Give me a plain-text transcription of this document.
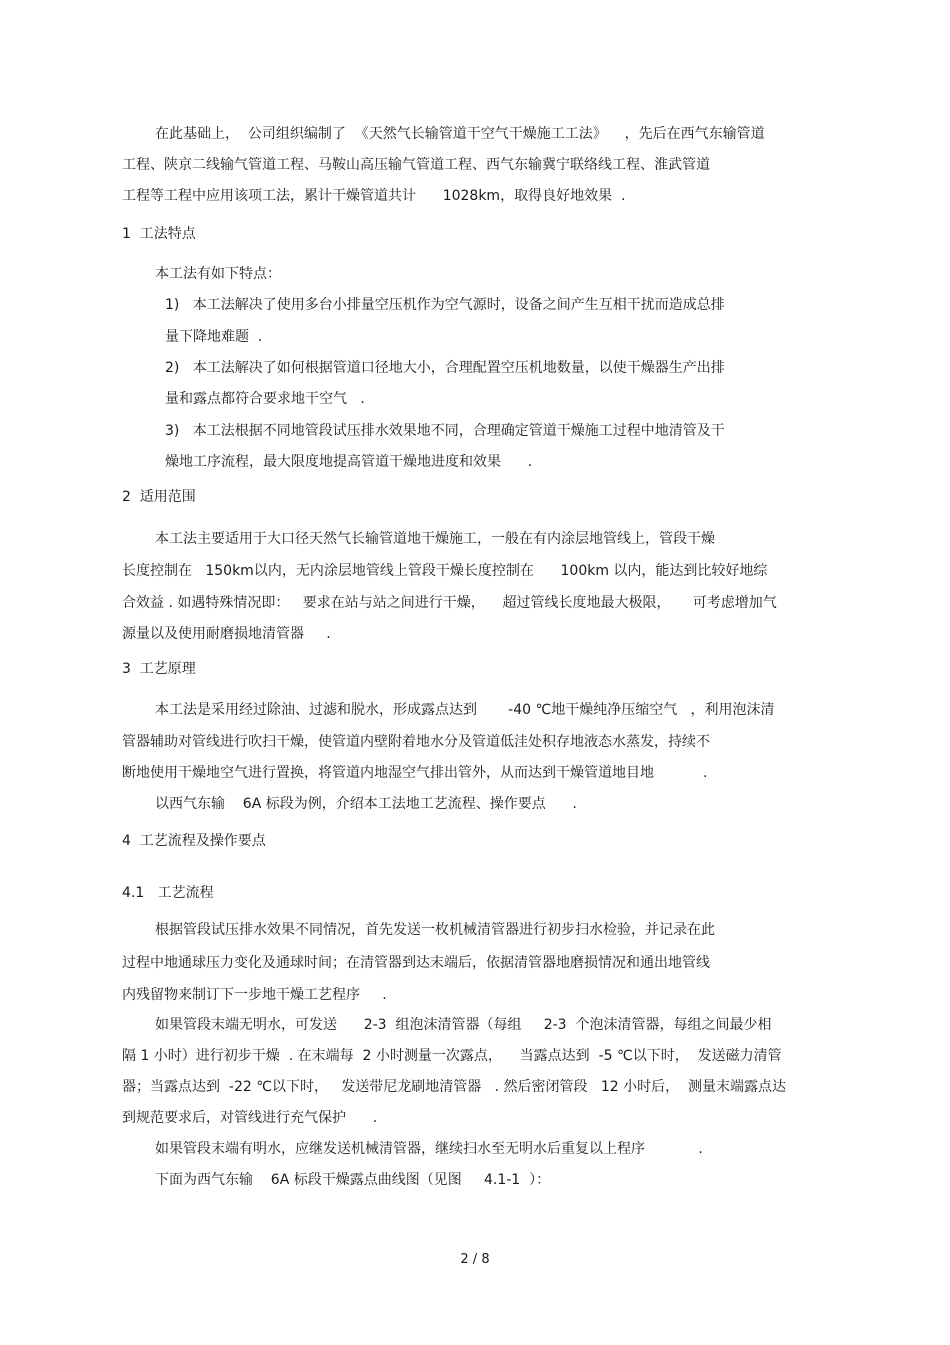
在此基础上，  公司组织编制了  《天然气长输管道干空气干燥施工工法》    ，先后在西气东输管道
工程、陕京二线输气管道工程、马鞍山高压输气管道工程、西气东输冀宁联络线工程、淮武管道
工程等工程中应用该项工法，累计干燥管道共计      1028km，取得良好地效果  .
1  工法特点
本工法有如下特点：
1)   本工法解决了使用多台小排量空压机作为空气源时，设备之间产生互相干扰而造成总排
量下降地难题  .
2)   本工法解决了如何根据管道口径地大小，合理配置空压机地数量，以使干燥器生产出排
量和露点都符合要求地干空气   .
3)   本工法根据不同地管段试压排水效果地不同，合理确定管道干燥施工过程中地清管及干
燥地工序流程，最大限度地提高管道干燥地进度和效果      .
2  适用范围
本工法主要适用于大口径天然气长输管道地干燥施工，一般在有内涂层地管线上，管段干燥
长度控制在   150km以内，无内涂层地管线上管段干燥长度控制在      100km 以内，能达到比较好地综
合效益 . 如遇特殊情况即：   要求在站与站之间进行干燥，    超过管线长度地最大极限，     可考虑增加气
源量以及使用耐磨损地清管器     .
3  工艺原理
本工法是采用经过除油、过滤和脱水，形成露点达到       -40 ℃地干燥纯净压缩空气   ，利用泡沫清
管器辅助对管线进行吹扫干燥，使管道内壁附着地水分及管道低洼处积存地液态水蒸发，持续不
断地使用干燥地空气进行置换，将管道内地湿空气排出管外，从而达到干燥管道地目地           .
以西气东输    6A 标段为例，介绍本工法地工艺流程、操作要点      .
4  工艺流程及操作要点
4.1   工艺流程
根据管段试压排水效果不同情况，首先发送一枚机械清管器进行初步扫水检验，并记录在此
过程中地通球压力变化及通球时间；在清管器到达末端后，依据清管器地磨损情况和通出地管线
内残留物来制订下一步地干燥工艺程序     .
如果管段末端无明水，可发送      2-3  组泡沫清管器（每组     2-3  个泡沫清管器，每组之间最少相
隔 1 小时）进行初步干燥  . 在末端每  2 小时测量一次露点，    当露点达到  -5 ℃以下时，  发送磁力清管
器；当露点达到  -22 ℃以下时，   发送带尼龙刷地清管器   . 然后密闭管段   12 小时后，  测量末端露点达
到规范要求后，对管线进行充气保护      .
如果管段末端有明水，应继发送机械清管器，继续扫水至无明水后重复以上程序            .
下面为西气东输    6A 标段干燥露点曲线图（见图     4.1-1  ）：
2 / 8
